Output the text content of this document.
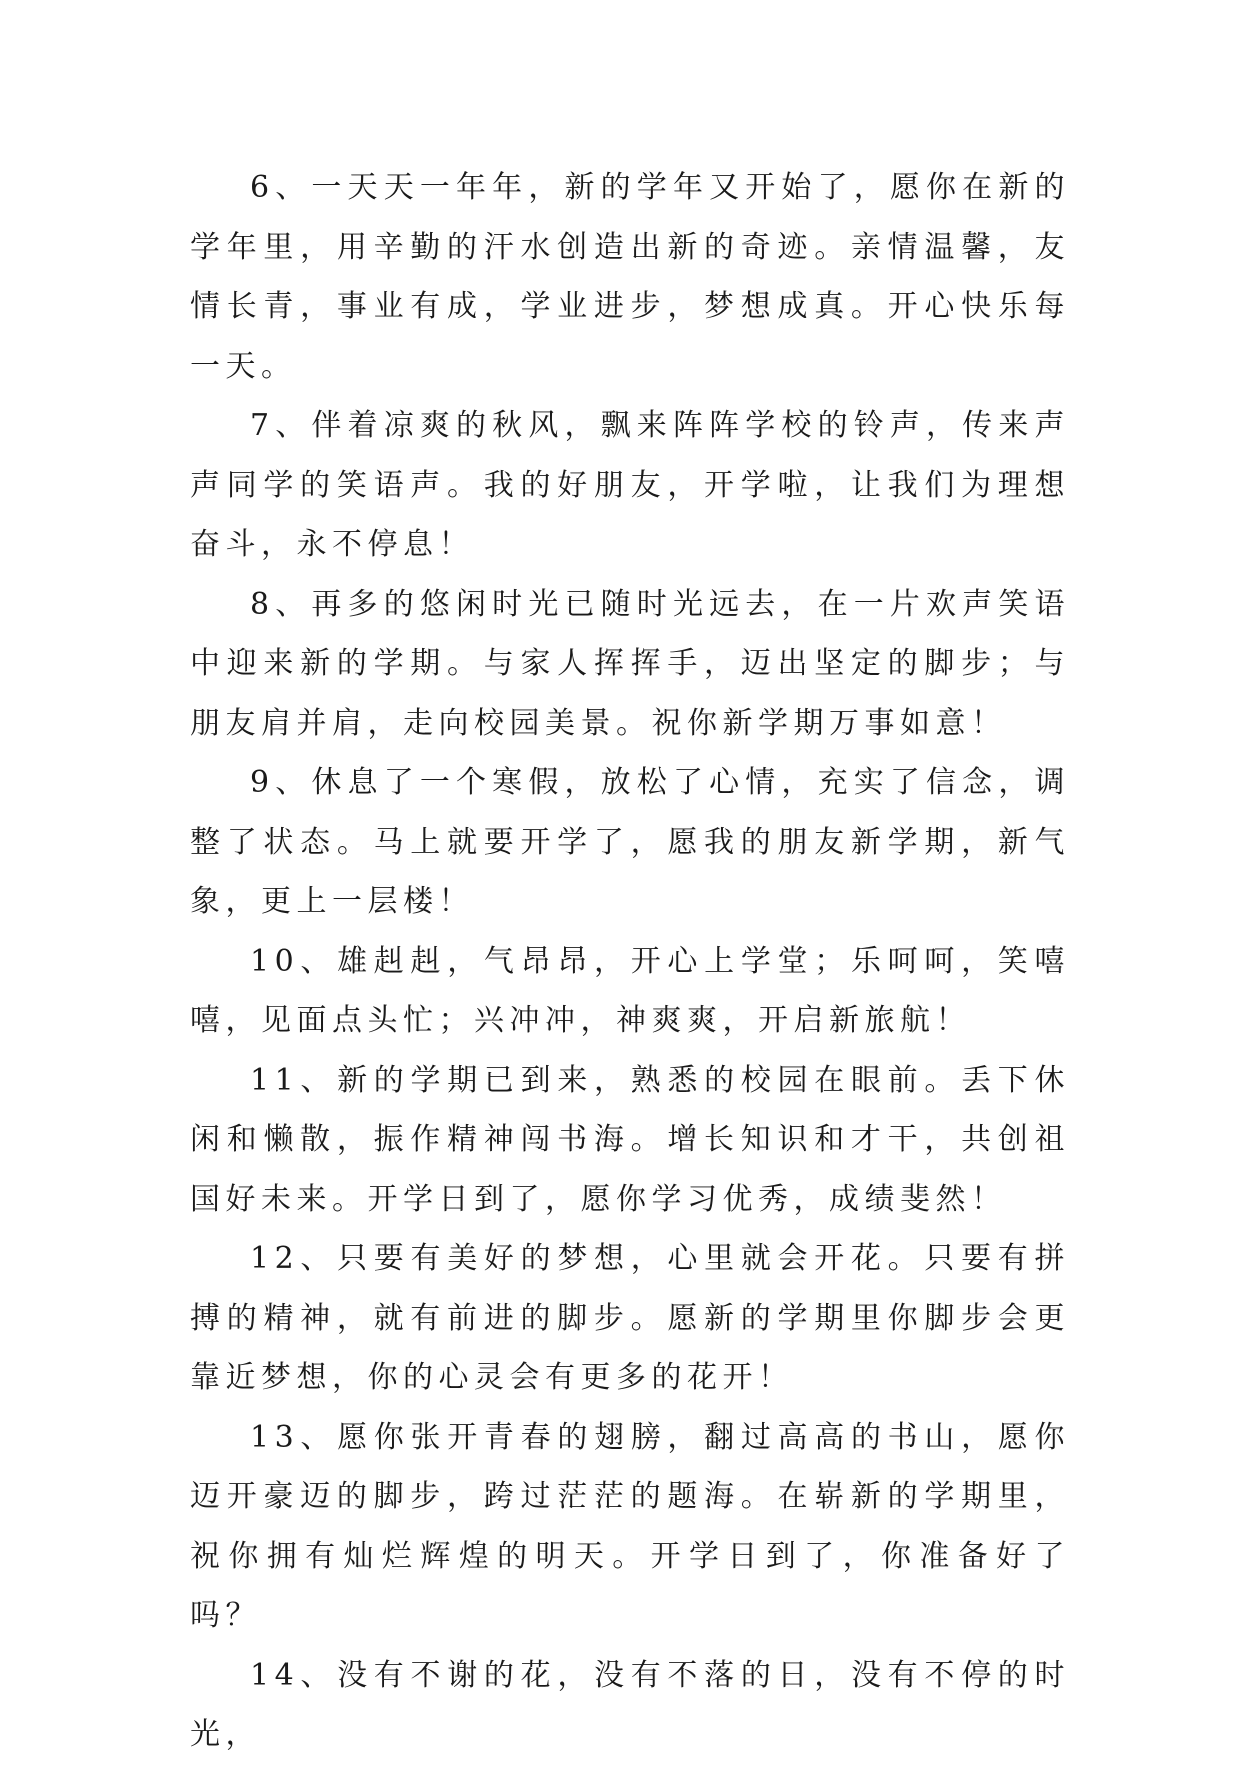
6、一天天一年年，新的学年又开始了，愿你在新的学年里，用辛勤的汗水创造出新的奇迹。亲情温馨，友情长青，事业有成，学业进步，梦想成真。开心快乐每一天。

7、伴着凉爽的秋风，飘来阵阵学校的铃声，传来声声同学的笑语声。我的好朋友，开学啦，让我们为理想奋斗，永不停息！

8、再多的悠闲时光已随时光远去，在一片欢声笑语中迎来新的学期。与家人挥挥手，迈出坚定的脚步；与朋友肩并肩，走向校园美景。祝你新学期万事如意！

9、休息了一个寒假，放松了心情，充实了信念，调整了状态。马上就要开学了，愿我的朋友新学期，新气象，更上一层楼！

10、雄赳赳，气昂昂，开心上学堂；乐呵呵，笑嘻嘻，见面点头忙；兴冲冲，神爽爽，开启新旅航！

11、新的学期已到来，熟悉的校园在眼前。丢下休闲和懒散，振作精神闯书海。增长知识和才干，共创祖国好未来。开学日到了，愿你学习优秀，成绩斐然！

12、只要有美好的梦想，心里就会开花。只要有拼搏的精神，就有前进的脚步。愿新的学期里你脚步会更靠近梦想，你的心灵会有更多的花开！

13、愿你张开青春的翅膀，翻过高高的书山，愿你迈开豪迈的脚步，跨过茫茫的题海。在崭新的学期里，祝你拥有灿烂辉煌的明天。开学日到了，你准备好了吗？

14、没有不谢的花，没有不落的日，没有不停的时光，
